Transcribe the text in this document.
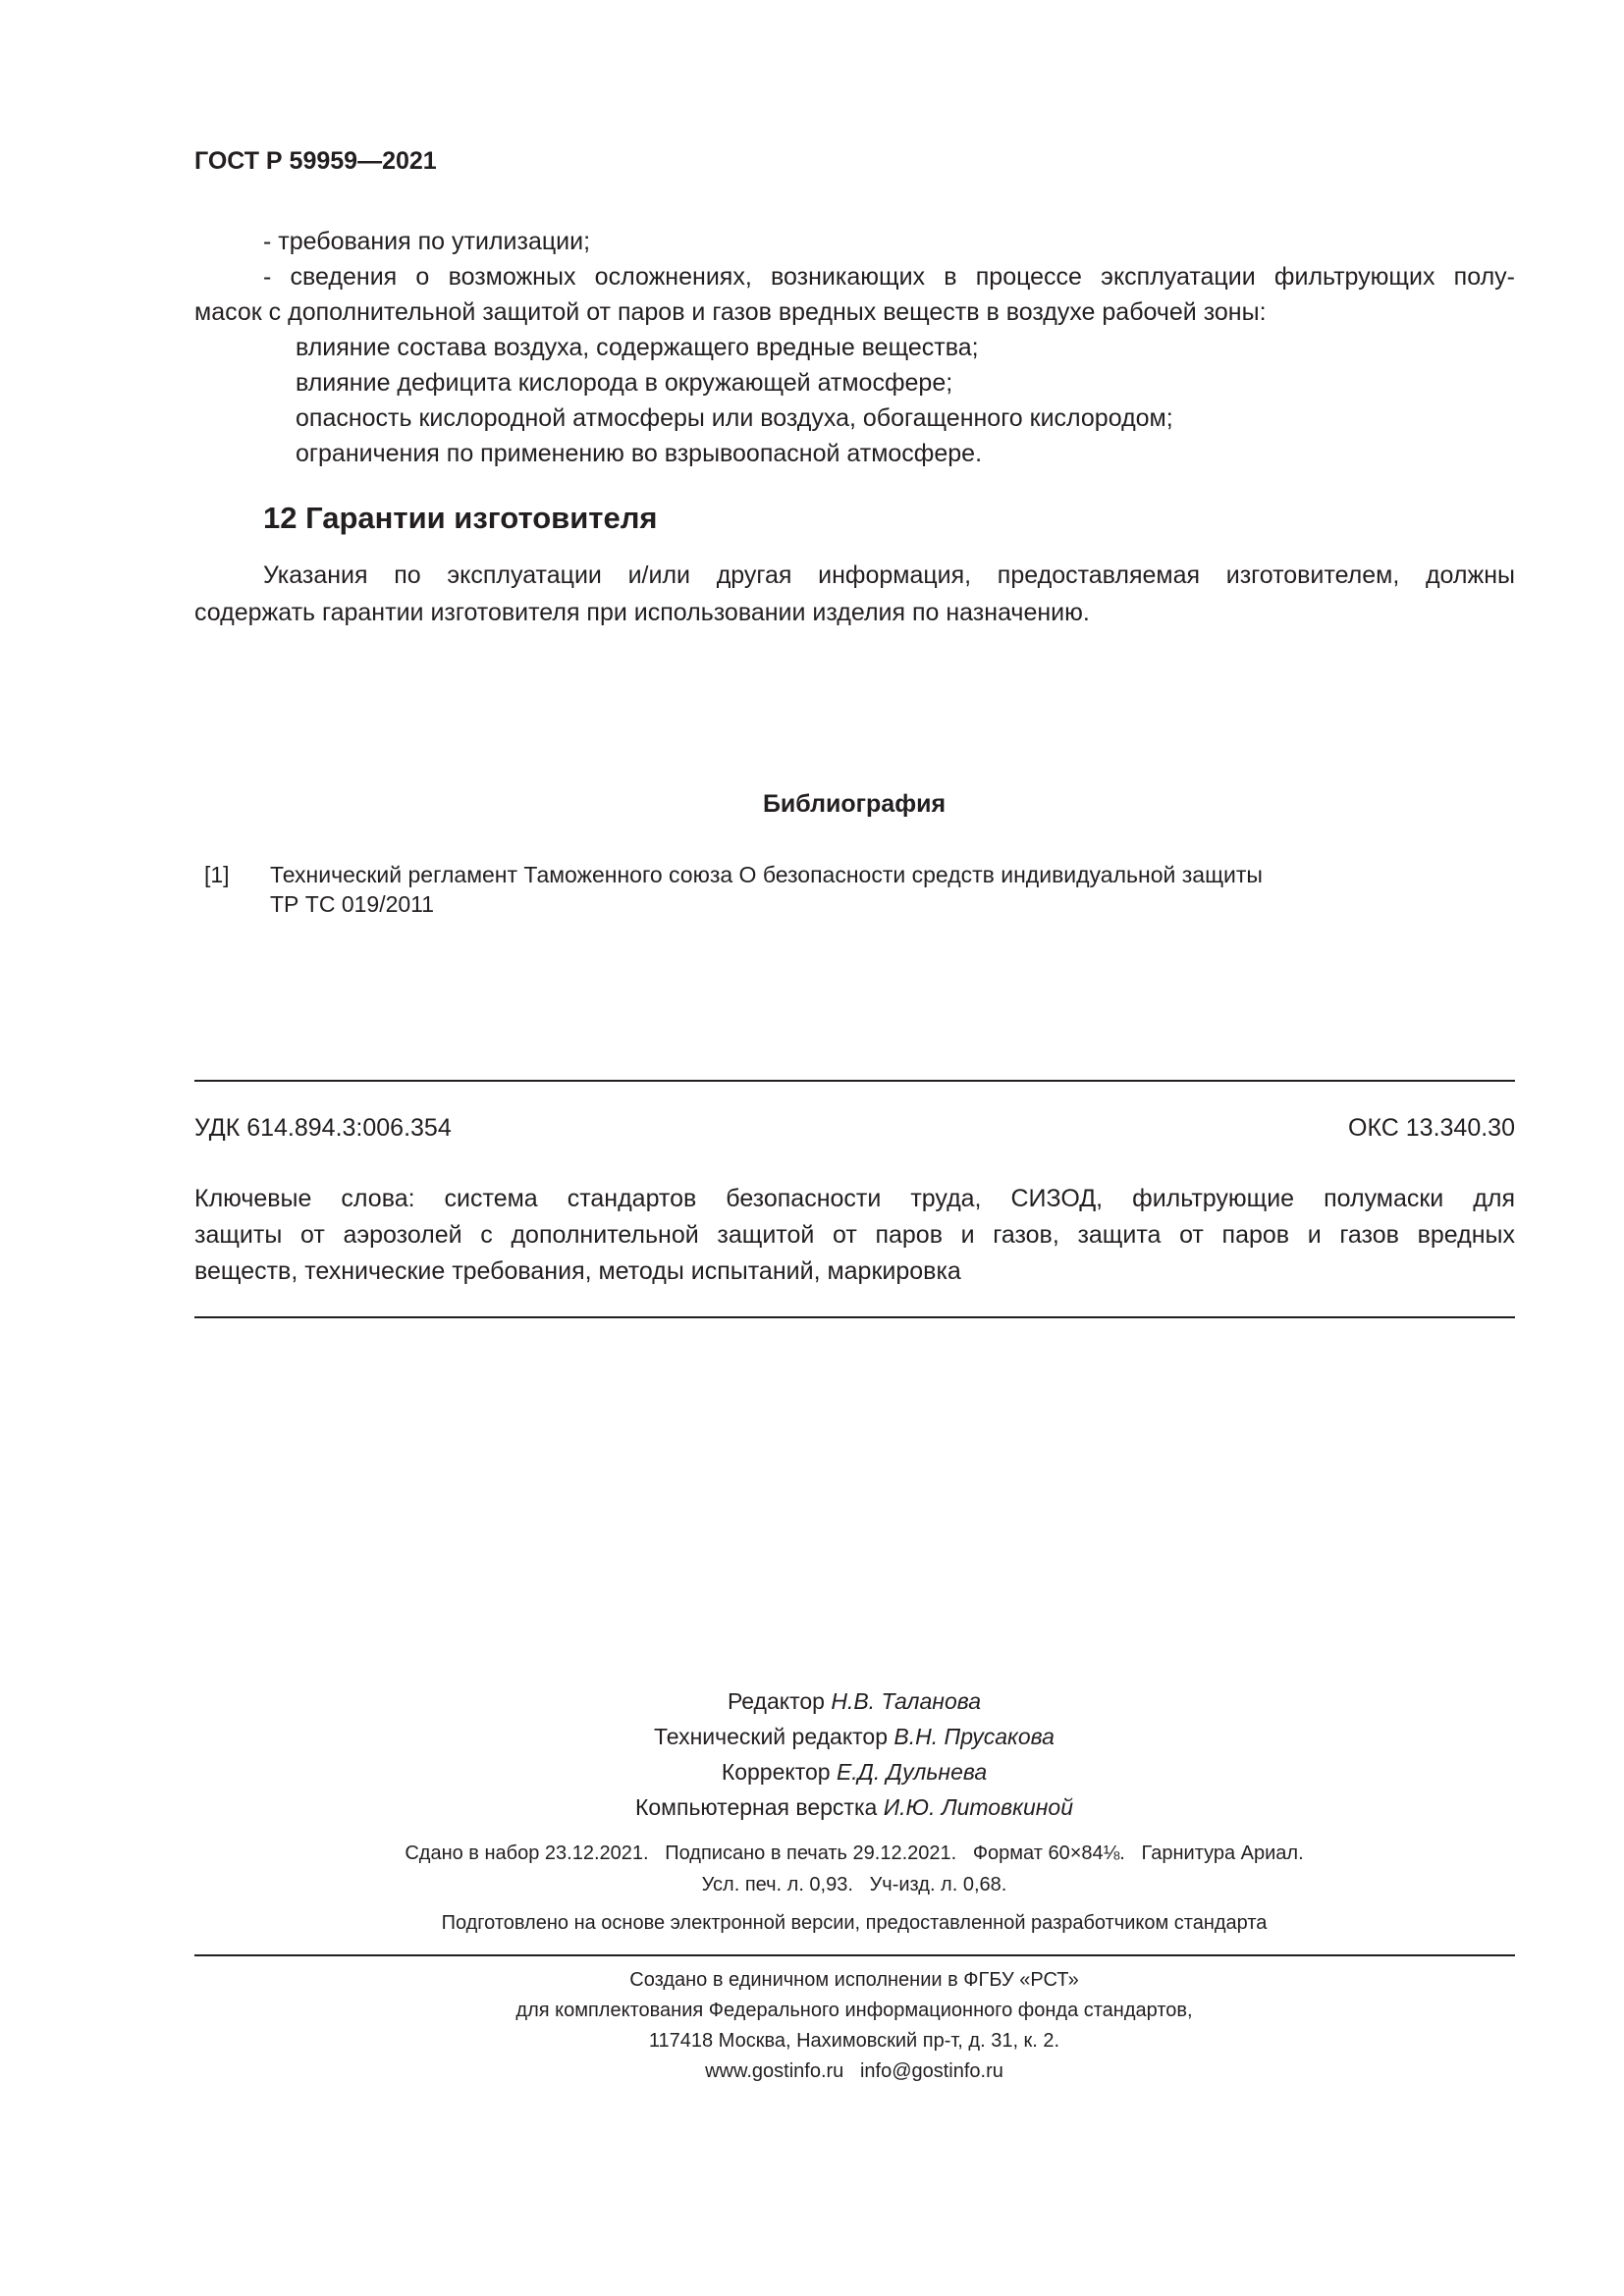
ГОСТ Р 59959—2021
- требования по утилизации;
- сведения о возможных осложнениях, возникающих в процессе эксплуатации фильтрующих полу-
масок с дополнительной защитой от паров и газов вредных веществ в воздухе рабочей зоны:
влияние состава воздуха, содержащего вредные вещества;
влияние дефицита кислорода в окружающей атмосфере;
опасность кислородной атмосферы или воздуха, обогащенного кислородом;
ограничения по применению во взрывоопасной атмосфере.
12 Гарантии изготовителя
Указания по эксплуатации и/или другая информация, предоставляемая изготовителем, должны
содержать гарантии изготовителя при использовании изделия по назначению.
Библиография
[1] Технический регламент Таможенного союза О безопасности средств индивидуальной защиты
ТР ТС 019/2011
УДК 614.894.3:006.354	ОКС 13.340.30
Ключевые слова: система стандартов безопасности труда, СИЗОД, фильтрующие полумаски для
защиты от аэрозолей с дополнительной защитой от паров и газов, защита от паров и газов вредных
веществ, технические требования, методы испытаний, маркировка
Редактор Н.В. Таланова
Технический редактор В.Н. Прусакова
Корректор Е.Д. Дульнева
Компьютерная верстка И.Ю. Литовкиной
Сдано в набор 23.12.2021.   Подписано в печать 29.12.2021.   Формат 60×84⅛.   Гарнитура Ариал.
Усл. печ. л. 0,93.   Уч-изд. л. 0,68.
Подготовлено на основе электронной версии, предоставленной разработчиком стандарта
Создано в единичном исполнении в ФГБУ «РСТ»
для комплектования Федерального информационного фонда стандартов,
117418 Москва, Нахимовский пр-т, д. 31, к. 2.
www.gostinfo.ru   info@gostinfo.ru
